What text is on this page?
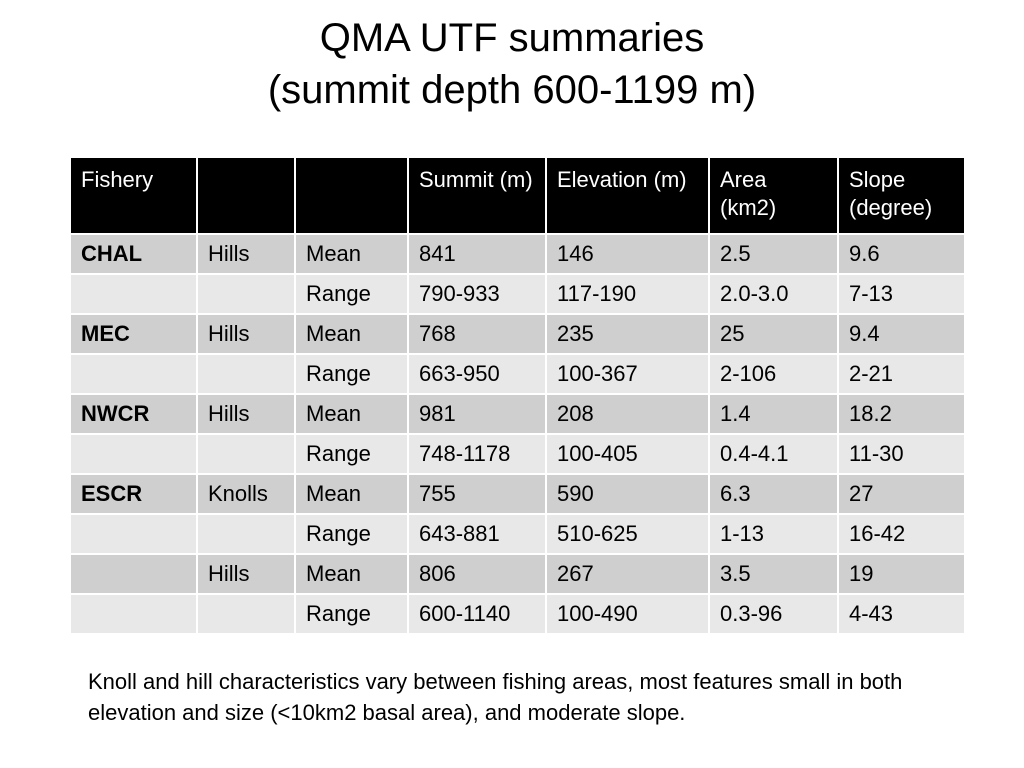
QMA UTF summaries
(summit depth 600-1199 m)
Fishery			Summit (m)	Elevation (m)	Area (km2)	Slope (degree)
CHAL	Hills	Mean	841	146	2.5	9.6
		Range	790-933	117-190	2.0-3.0	7-13
MEC	Hills	Mean	768	235	25	9.4
		Range	663-950	100-367	2-106	2-21
NWCR	Hills	Mean	981	208	1.4	18.2
		Range	748-1178	100-405	0.4-4.1	11-30
ESCR	Knolls	Mean	755	590	6.3	27
		Range	643-881	510-625	1-13	16-42
	Hills	Mean	806	267	3.5	19
		Range	600-1140	100-490	0.3-96	4-43

Knoll and hill characteristics vary between fishing areas, most features small in both elevation and size (<10km2 basal area), and moderate slope.
